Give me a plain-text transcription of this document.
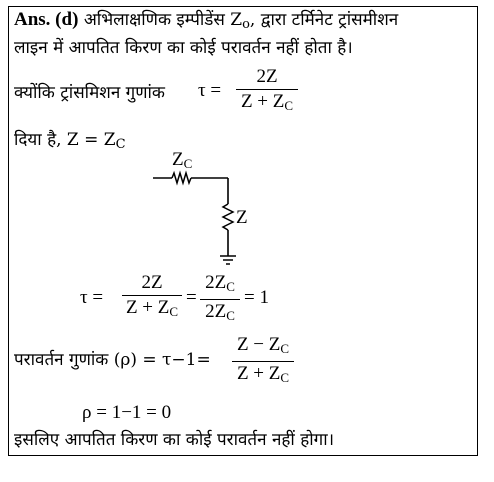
Ans. (d) अभिलाक्षणिक इम्पीडेंस $Z_o$, द्वारा टर्मिनेट ट्रांसमीशन
लाइन में आपतित किरण का कोई परावर्तन नहीं होता है।
क्योंकि ट्रांसमिशन गुणांक τ =
2Z
$Z + Z_C$
दिया है, $Z = Z_C$
$Z_C$
Z
τ =
2Z
$Z + Z_C$
=
$2Z_C$
$2Z_C$
= 1
परावर्तन गुणांक (ρ) = τ−1=
$Z - Z_C$
$Z + Z_C$
ρ = 1−1 = 0
इसलिए आपतित किरण का कोई परावर्तन नहीं होगा।
